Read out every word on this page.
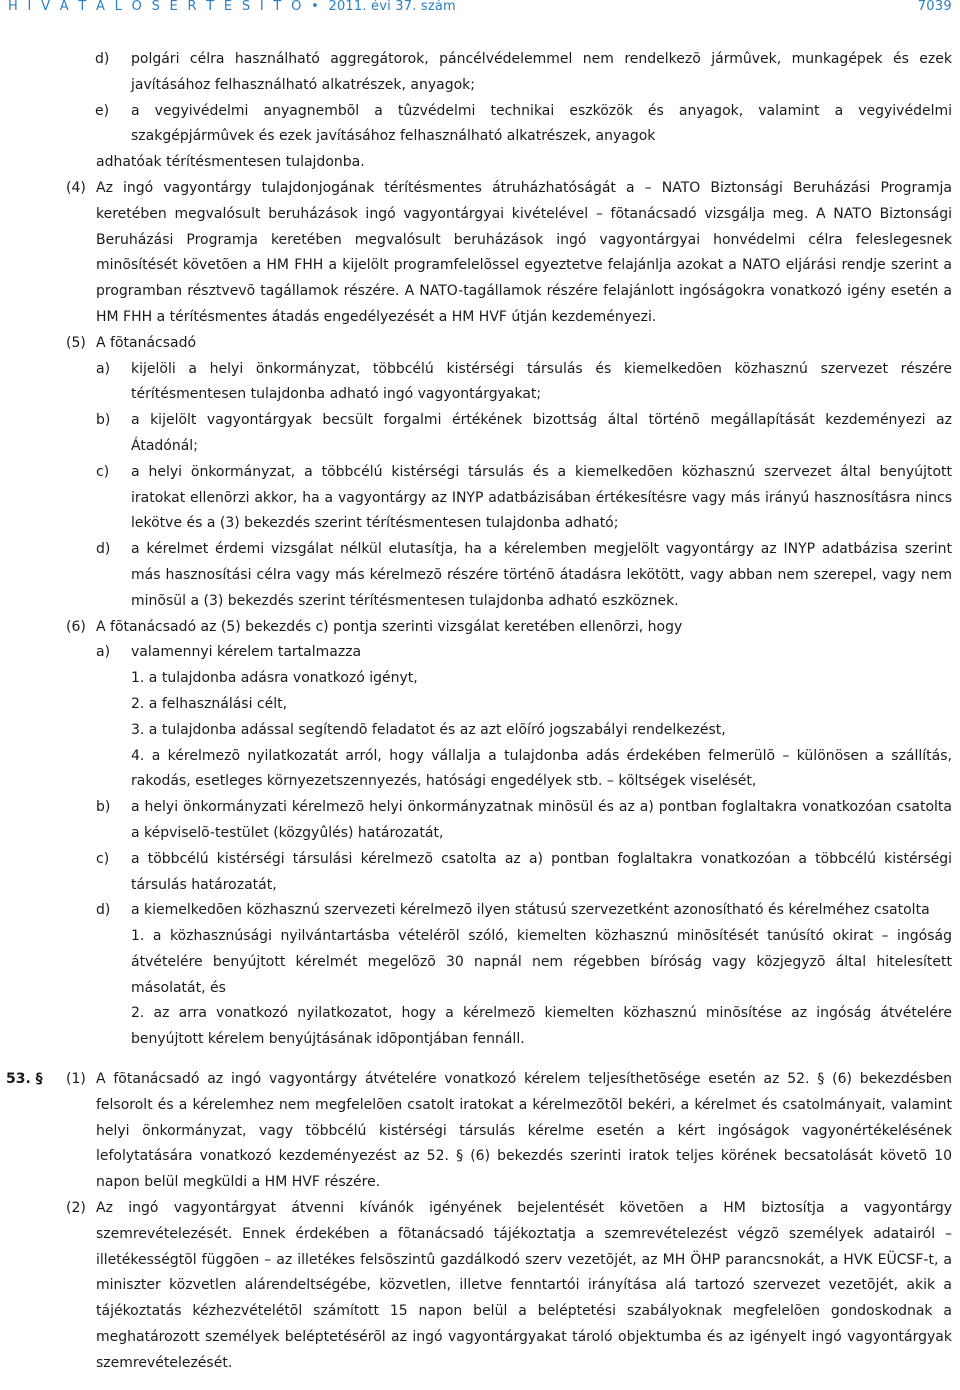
H I V A T A L O S É R T E S Í T Õ • 2011. évi 37. szám	7039
d) polgári célra használható aggregátorok, páncélvédelemmel nem rendelkezõ jármûvek, munkagépek és ezek javításához felhasználható alkatrészek, anyagok;
e) a vegyivédelmi anyagnembõl a tûzvédelmi technikai eszközök és anyagok, valamint a vegyivédelmi szakgépjármûvek és ezek javításához felhasználható alkatrészek, anyagok
adhatóak térítésmentesen tulajdonba.
(4) Az ingó vagyontárgy tulajdonjogának térítésmentes átruházhatóságát a – NATO Biztonsági Beruházási Programja keretében megvalósult beruházások ingó vagyontárgyai kivételével – fõtanácsadó vizsgálja meg. A NATO Biztonsági Beruházási Programja keretében megvalósult beruházások ingó vagyontárgyai honvédelmi célra feleslegesnek minõsítését követõen a HM FHH a kijelölt programfelelõssel egyeztetve felajánlja azokat a NATO eljárási rendje szerint a programban résztvevõ tagállamok részére. A NATO-tagállamok részére felajánlott ingóságokra vonatkozó igény esetén a HM FHH a térítésmentes átadás engedélyezését a HM HVF útján kezdeményezi.
(5) A fõtanácsadó
a) kijelöli a helyi önkormányzat, többcélú kistérségi társulás és kiemelkedõen közhasznú szervezet részére térítésmentesen tulajdonba adható ingó vagyontárgyakat;
b) a kijelölt vagyontárgyak becsült forgalmi értékének bizottság által történõ megállapítását kezdeményezi az Átadónál;
c) a helyi önkormányzat, a többcélú kistérségi társulás és a kiemelkedõen közhasznú szervezet által benyújtott iratokat ellenõrzi akkor, ha a vagyontárgy az INYP adatbázisában értékesítésre vagy más irányú hasznosításra nincs lekötve és a (3) bekezdés szerint térítésmentesen tulajdonba adható;
d) a kérelmet érdemi vizsgálat nélkül elutasítja, ha a kérelemben megjelölt vagyontárgy az INYP adatbázisa szerint más hasznosítási célra vagy más kérelmezõ részére történõ átadásra lekötött, vagy abban nem szerepel, vagy nem minõsül a (3) bekezdés szerint térítésmentesen tulajdonba adható eszköznek.
(6) A fõtanácsadó az (5) bekezdés c) pontja szerinti vizsgálat keretében ellenõrzi, hogy
a) valamennyi kérelem tartalmazza
1. a tulajdonba adásra vonatkozó igényt,
2. a felhasználási célt,
3. a tulajdonba adással segítendõ feladatot és az azt elõíró jogszabályi rendelkezést,
4. a kérelmezõ nyilatkozatát arról, hogy vállalja a tulajdonba adás érdekében felmerülõ – különösen a szállítás, rakodás, esetleges környezetszennyezés, hatósági engedélyek stb. – költségek viselését,
b) a helyi önkormányzati kérelmezõ helyi önkormányzatnak minõsül és az a) pontban foglaltakra vonatkozóan csatolta a képviselõ-testület (közgyûlés) határozatát,
c) a többcélú kistérségi társulási kérelmezõ csatolta az a) pontban foglaltakra vonatkozóan a többcélú kistérségi társulás határozatát,
d) a kiemelkedõen közhasznú szervezeti kérelmezõ ilyen státusú szervezetként azonosítható és kérelméhez csatolta
1. a közhasznúsági nyilvántartásba vételérõl szóló, kiemelten közhasznú minõsítését tanúsító okirat – ingóság átvételére benyújtott kérelmét megelõzõ 30 napnál nem régebben bíróság vagy közjegyzõ által hitelesített másolatát, és
2. az arra vonatkozó nyilatkozatot, hogy a kérelmezõ kiemelten közhasznú minõsítése az ingóság átvételére benyújtott kérelem benyújtásának idõpontjában fennáll.
53. § (1) A fõtanácsadó az ingó vagyontárgy átvételére vonatkozó kérelem teljesíthetõsége esetén az 52. § (6) bekezdésben felsorolt és a kérelemhez nem megfelelõen csatolt iratokat a kérelmezõtõl bekéri, a kérelmet és csatolmányait, valamint helyi önkormányzat, vagy többcélú kistérségi társulás kérelme esetén a kért ingóságok vagyonértékelésének lefolytatására vonatkozó kezdeményezést az 52. § (6) bekezdés szerinti iratok teljes körének becsatolását követõ 10 napon belül megküldi a HM HVF részére.
(2) Az ingó vagyontárgyat átvenni kívánók igényének bejelentését követõen a HM biztosítja a vagyontárgy szemrevételezését. Ennek érdekében a fõtanácsadó tájékoztatja a szemrevételezést végzõ személyek adatairól – illetékességtõl függõen – az illetékes felsõszintû gazdálkodó szerv vezetõjét, az MH ÖHP parancsnokát, a HVK EÜCSF-t, a miniszter közvetlen alárendeltségébe, közvetlen, illetve fenntartói irányítása alá tartozó szervezet vezetõjét, akik a tájékoztatás kézhezvételétõl számított 15 napon belül a beléptetési szabályoknak megfelelõen gondoskodnak a meghatározott személyek beléptetésérõl az ingó vagyontárgyakat tároló objektumba és az igényelt ingó vagyontárgyak szemrevételezését.
